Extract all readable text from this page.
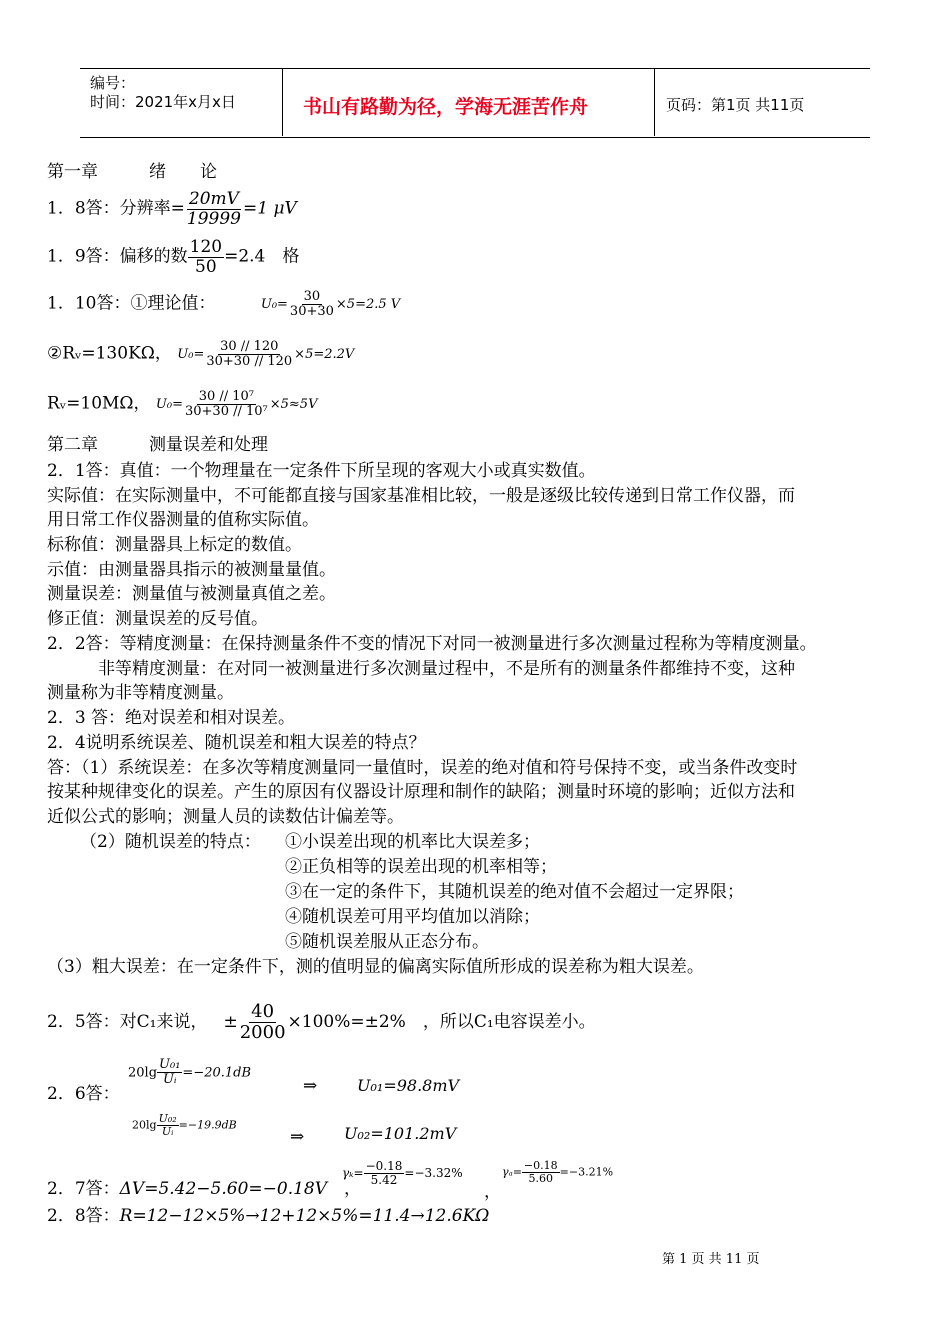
编号：
时间：2021年x月x日	书山有路勤为径，学海无涯苦作舟	页码：第1页 共11页
第一章　　　绪　　论
1．8答：分辨率= $\frac{20mV}{19999} =1$ μV
1．9答：偏移的数 $\frac{120}{50} =2.4$　 格
1．10答：①理论值：	$U_0= \frac{30}{30+30} \times 5=2.5$ V
②Rᵥ=130KΩ， $U_0= \frac{30 // 120}{30+30 // 120} \times 5=2.2V$
Rᵥ=10MΩ， $U_0= \frac{\text{30 // 10⁷}}{\text{30+30 // 10⁷}} \times 5\approx 5V$
第二章　　　测量误差和处理
2．1答：真值：一个物理量在一定条件下所呈现的客观大小或真实数值。
实际值：在实际测量中，不可能都直接与国家基准相比较，一般是逐级比较传递到日常工作仪器，而
用日常工作仪器测量的值称实际值。
标称值：测量器具上标定的数值。
示值：由测量器具指示的被测量量值。
测量误差：测量值与被测量真值之差。
修正值：测量误差的反号值。
2．2答：等精度测量：在保持测量条件不变的情况下对同一被测量进行多次测量过程称为等精度测量。
　　　非等精度测量：在对同一被测量进行多次测量过程中，不是所有的测量条件都维持不变，这种
测量称为非等精度测量。
2．3 答：绝对误差和相对误差。
2．4说明系统误差、随机误差和粗大误差的特点？
答：（1）系统误差：在多次等精度测量同一量值时，误差的绝对值和符号保持不变，或当条件改变时
按某种规律变化的误差。产生的原因有仪器设计原理和制作的缺陷；测量时环境的影响；近似方法和
近似公式的影响；测量人员的读数估计偏差等。
（2）随机误差的特点： ①小误差出现的机率比大误差多；
②正负相等的误差出现的机率相等；
③在一定的条件下，其随机误差的绝对值不会超过一定界限；
④随机误差可用平均值加以消除；
⑤随机误差服从正态分布。
（3）粗大误差：在一定条件下，测的值明显的偏离实际值所形成的误差称为粗大误差。
2．5答：对C₁来说， ± $\frac{40}{2000} \times 100\%=\pm 2\%$　 ，所以C₁电容误差小。
2．6答：
$20\lg \frac{\text{U₀₁}}{\text{Uᵢ}} =-20.1dB$
⇒ U₀₁=98.8mV
$20\lg \frac{\text{U₀₂}}{\text{Uᵢ}} =-19.9dB$
⇒ U₀₂=101.2mV
2．7答：ΔV=5.42−5.60=−0.18V　 ，
$\gamma_k= \frac{-0.18}{5.42} =-3.32\%$
，
$\gamma_a= \frac{-0.18}{5.60} =-3.21\%$
2．8答：R=12−12×5%→12+12×5%=11.4→12.6KΩ
第 1 页 共 11 页
